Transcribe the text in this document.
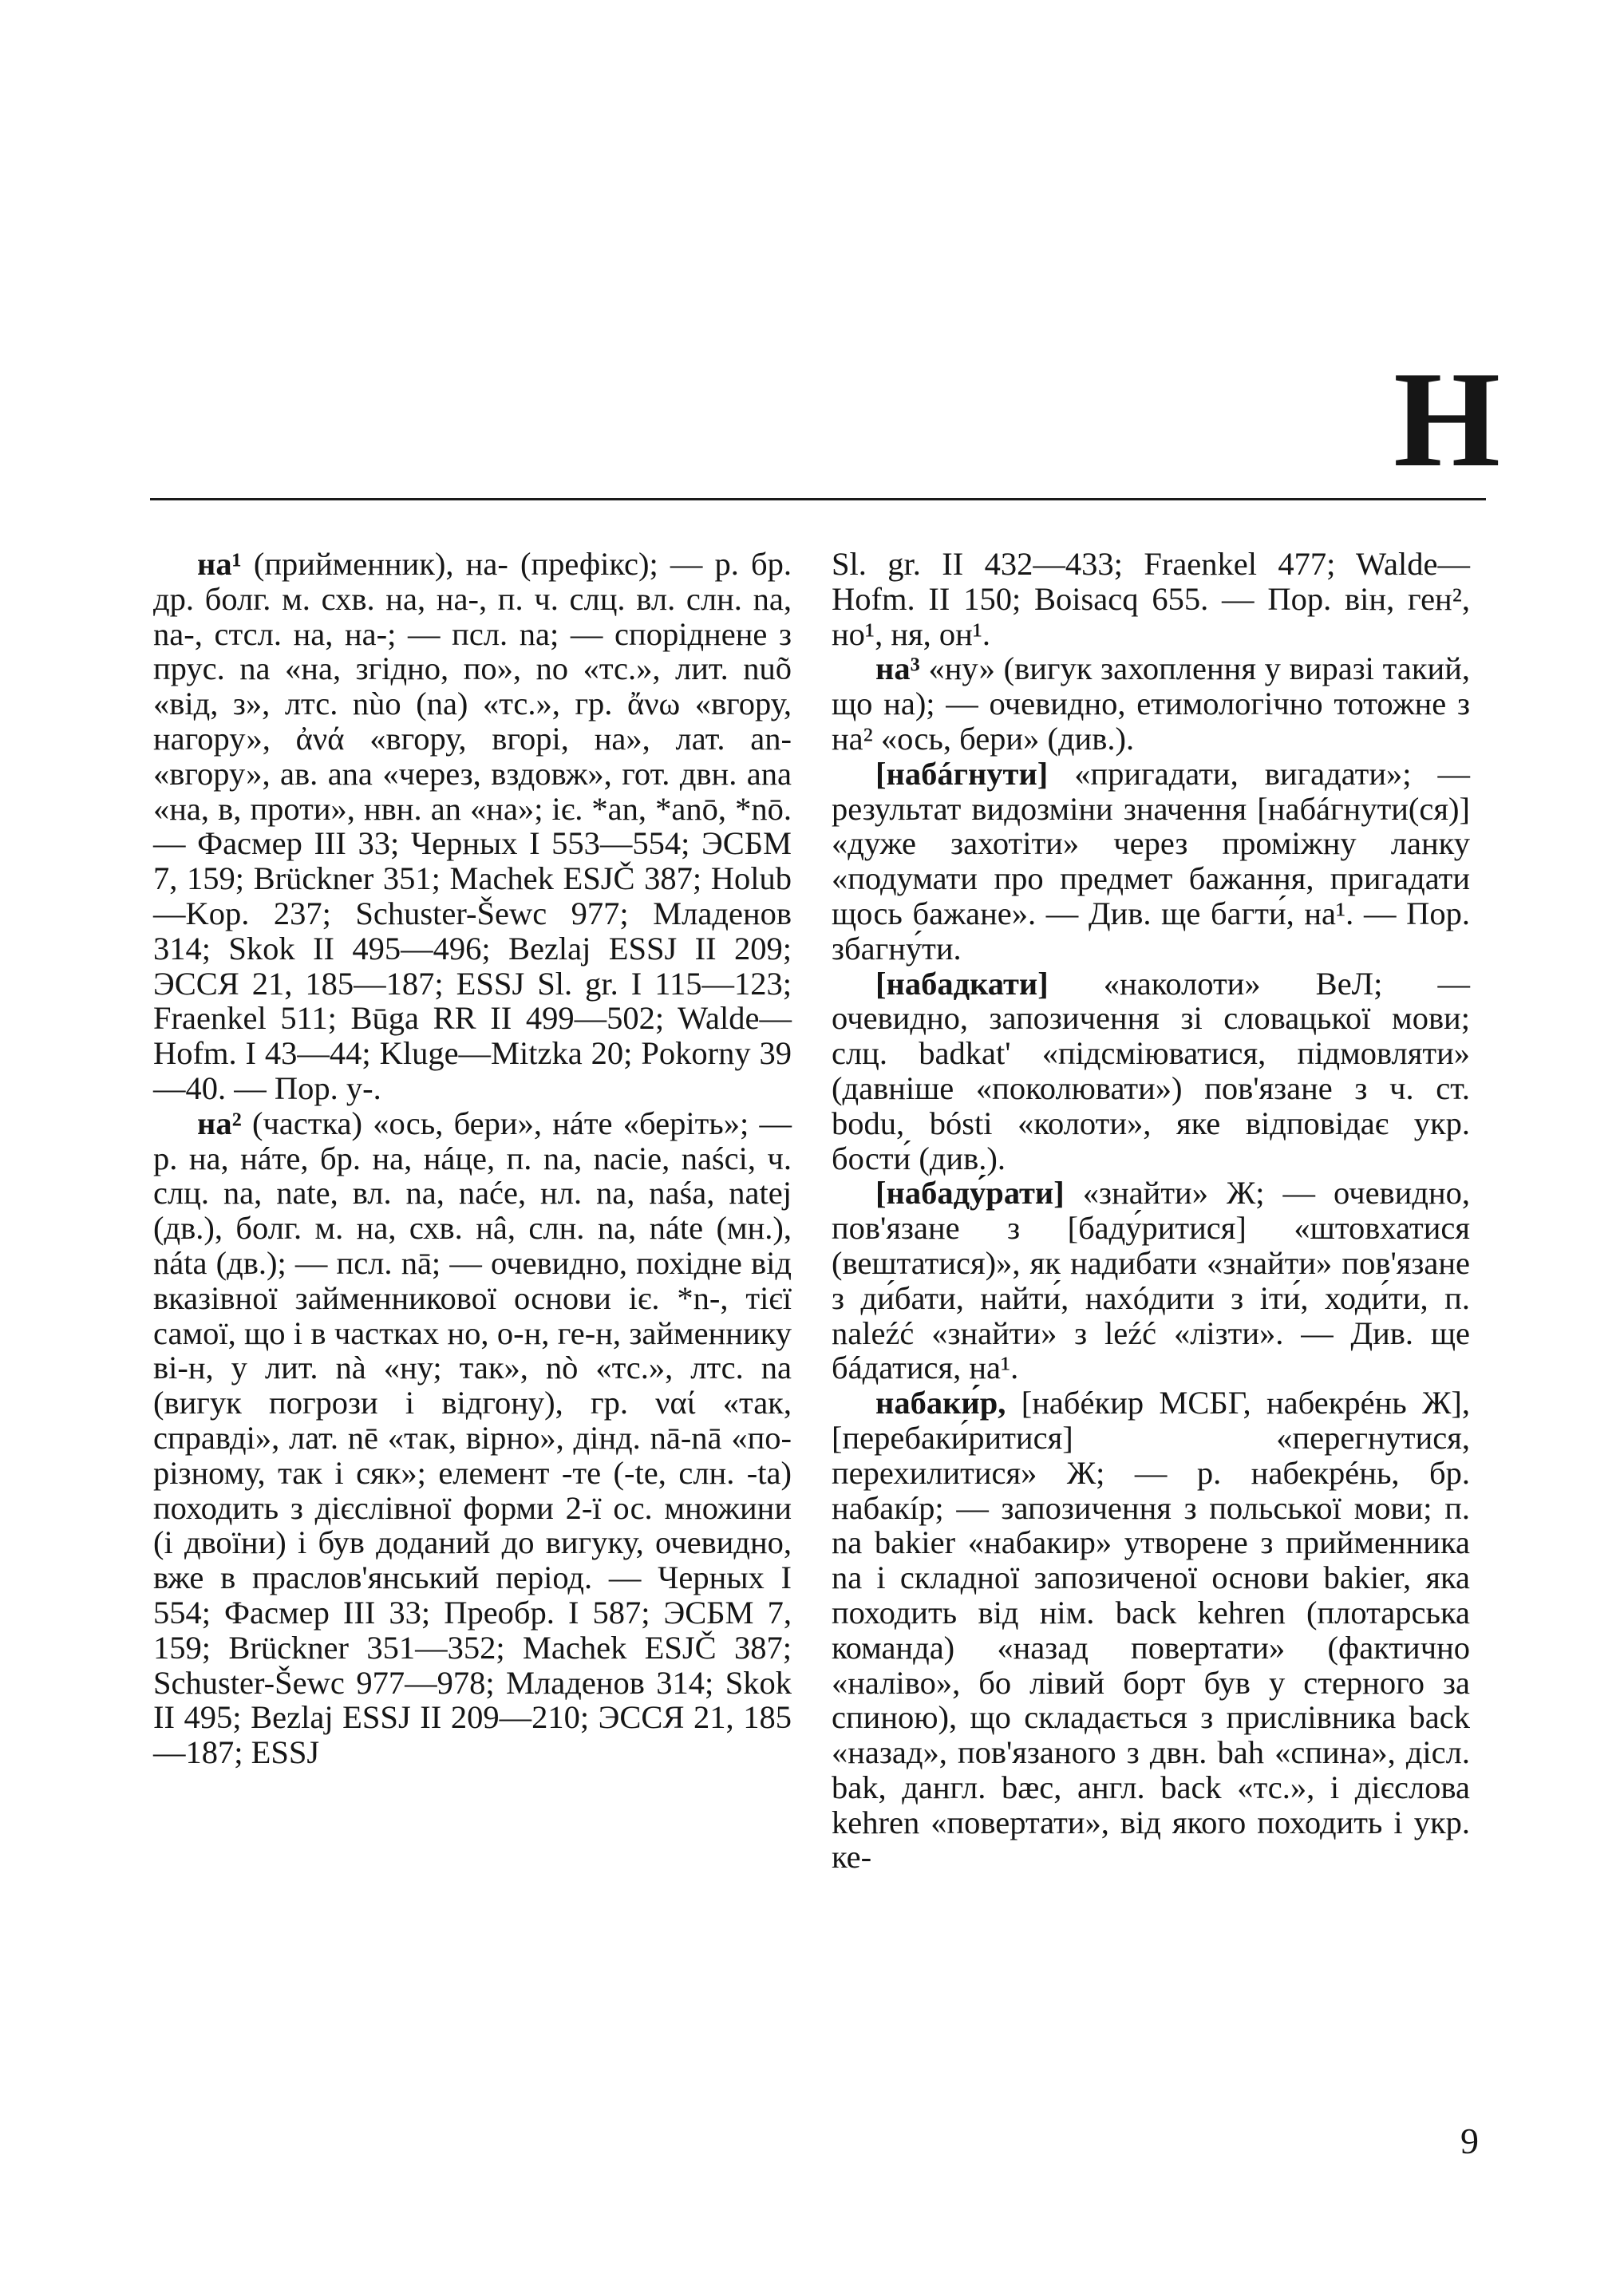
Н

на¹ (прийменник), на- (префікс); — р. бр. др. болг. м. схв. на, на-, п. ч. слц. вл. слн. na, na-, стсл. на, на-; — псл. na; — споріднене з прус. na «на, згідно, по», no «тс.», лит. nuõ «від, з», лтс. nùo (na) «тс.», гр. ἄνω «вгору, нагору», ἀνά «вгору, вгорі, на», лат. an- «вгору», ав. ana «через, вздовж», гот. двн. ana «на, в, проти», нвн. an «на»; іє. *an, *anō, *nō. — Фасмер III 33; Черных I 553—554; ЭСБМ 7, 159; Brückner 351; Machek ESJČ 387; Holub—Kop. 237; Schuster-Šewc 977; Младенов 314; Skok II 495—496; Bezlaj ESSJ II 209; ЭССЯ 21, 185—187; ESSJ Sl. gr. I 115—123; Fraenkel 511; Būga RR II 499—502; Walde—Hofm. I 43—44; Kluge—Mitzka 20; Pokorny 39—40. — Пор. у-.

на² (частка) «ось, бери», нáте «беріть»; — р. на, нáте, бр. на, нáце, п. na, nacie, naści, ч. слц. na, nate, вл. na, naće, нл. na, naśa, natej (дв.), болг. м. на, схв. нâ, слн. na, náte (мн.), náta (дв.); — псл. nā; — очевидно, похідне від вказівної займенникової основи іє. *n-, тієї самої, що і в частках но, о-н, ге-н, займеннику ві-н, у лит. nà «ну; так», nò «тс.», лтс. na (вигук погрози і відгону), гр. ναί «так, справді», лат. nē «так, вірно», дінд. nā-nā «по-різному, так і сяк»; елемент -те (-te, слн. -ta) походить з дієслівної форми 2-ї ос. множини (і двоїни) і був доданий до вигуку, очевидно, вже в праслов'янський період. — Черных I 554; Фасмер III 33; Преобр. I 587; ЭСБМ 7, 159; Brückner 351—352; Machek ESJČ 387; Schuster-Šewc 977—978; Младенов 314; Skok II 495; Bezlaj ESSJ II 209—210; ЭССЯ 21, 185—187; ESSJ

Sl. gr. II 432—433; Fraenkel 477; Walde—Hofm. II 150; Boisacq 655. — Пор. він, ген², но¹, ня, он¹.

на³ «ну» (вигук захоплення у виразі такий, що на); — очевидно, етимологічно тотожне з на² «ось, бери» (див.).

[набáгнути] «пригадати, вигадати»; — результат видозміни значення [набáгнути(ся)] «дуже захотіти» через проміжну ланку «подумати про предмет бажання, пригадати щось бажане». — Див. ще багти́, на¹. — Пор. збагну́ти.

[набадкати] «наколоти» ВеЛ; — очевидно, запозичення зі словацької мови; слц. badkat' «підсміюватися, підмовляти» (давніше «поколювати») пов'язане з ч. ст. bodu, bósti «колоти», яке відповідає укр. бости́ (див.).

[набаду́рати] «знайти» Ж; — очевидно, пов'язане з [баду́ритися] «штовхатися (вештатися)», як надибати «знайти» пов'язане з ди́бати, найти́, нахóдити з іти́, ходи́ти, п. naleźć «знайти» з leźć «лізти». — Див. ще бáдатися, на¹.

набаки́р, [набéкир МСБГ, набекрéнь Ж], [перебаки́ритися] «перегнутися, перехилитися» Ж; — р. набекрéнь, бр. набакíр; — запозичення з польської мови; п. na bakier «набакир» утворене з прийменника na і складної запозиченої основи bakier, яка походить від нім. back kehren (плотарська команда) «назад повертати» (фактично «наліво», бо лівий борт був у стерного за спиною), що складається з прислівника back «назад», пов'язаного з двн. bah «спина», дісл. bak, дангл. bæc, англ. back «тс.», і дієслова kehren «повертати», від якого походить і укр. ке-

9
